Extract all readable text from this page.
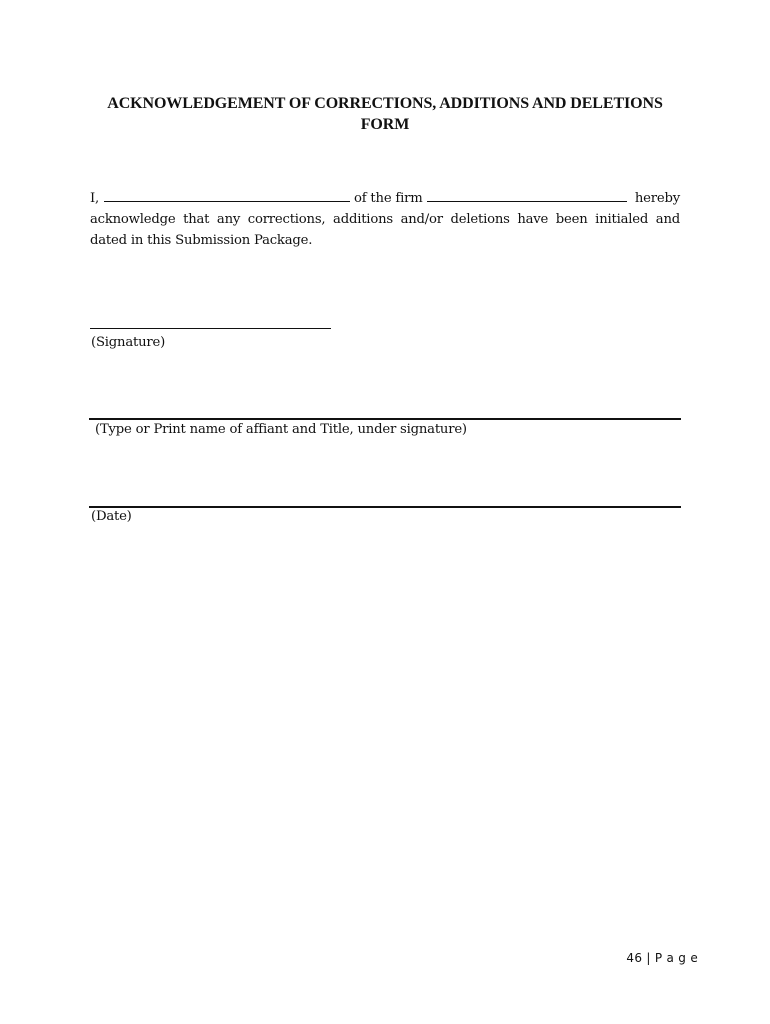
ACKNOWLEDGEMENT OF CORRECTIONS, ADDITIONS AND DELETIONS FORM
I,	of the firm	hereby
acknowledge that any corrections, additions and/or deletions have been initialed and dated in this Submission Package.
(Signature)
(Type or Print name of affiant and Title, under signature)
(Date)
46 | P a g e
